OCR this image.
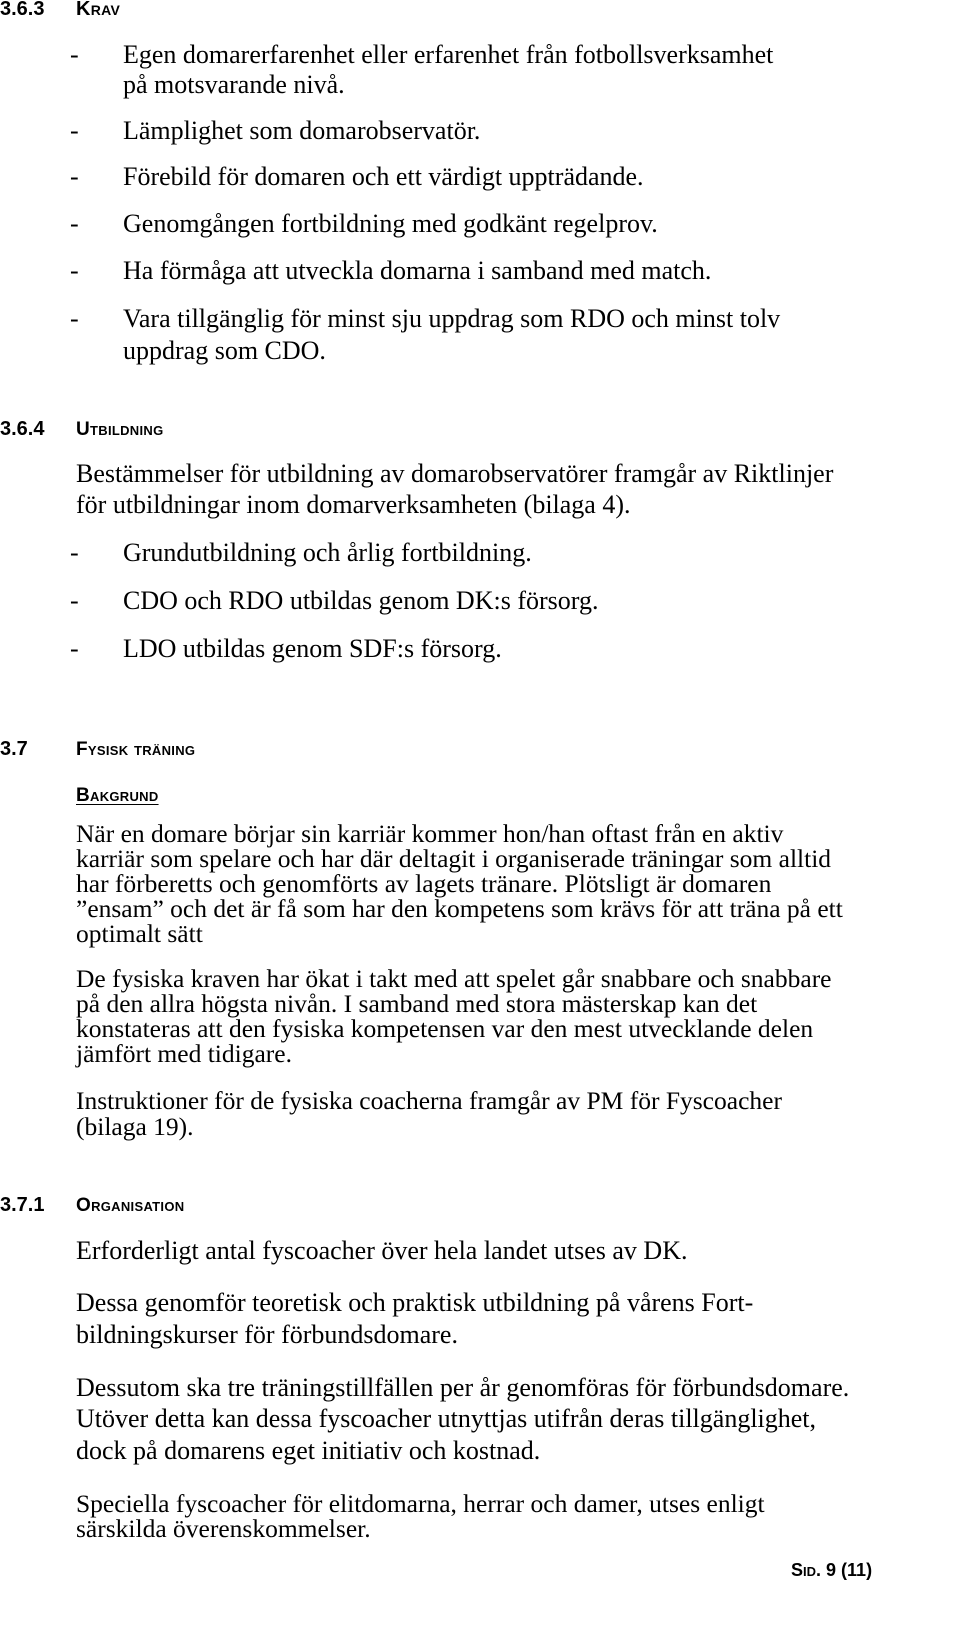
3.6.3 Krav
- Egen domarerfarenhet eller erfarenhet från fotbollsverksamhet
på motsvarande nivå.
- Lämplighet som domarobservatör.
- Förebild för domaren och ett värdigt uppträdande.
- Genomgången fortbildning med godkänt regelprov.
- Ha förmåga att utveckla domarna i samband med match.
- Vara tillgänglig för minst sju uppdrag som RDO och minst tolv
uppdrag som CDO.
3.6.4 Utbildning
Bestämmelser för utbildning av domarobservatörer framgår av Riktlinjer
för utbildningar inom domarverksamheten (bilaga 4).
- Grundutbildning och årlig fortbildning.
- CDO och RDO utbildas genom DK:s försorg.
- LDO utbildas genom SDF:s försorg.
3.7	Fysisk träning
Bakgrund
När en domare börjar sin karriär kommer hon/han oftast från en aktiv
karriär som spelare och har där deltagit i organiserade träningar som alltid
har förberetts och genomförts av lagets tränare. Plötsligt är domaren
”ensam” och det är få som har den kompetens som krävs för att träna på ett
optimalt sätt
De fysiska kraven har ökat i takt med att spelet går snabbare och snabbare
på den allra högsta nivån. I samband med stora mästerskap kan det
konstateras att den fysiska kompetensen var den mest utvecklande delen
jämfört med tidigare.
Instruktioner för de fysiska coacherna framgår av PM för Fyscoacher
(bilaga 19).
3.7.1 Organisation
Erforderligt antal fyscoacher över hela landet utses av DK.
Dessa genomför teoretisk och praktisk utbildning på vårens Fort-
bildningskurser för förbundsdomare.
Dessutom ska tre träningstillfällen per år genomföras för förbundsdomare.
Utöver detta kan dessa fyscoacher utnyttjas utifrån deras tillgänglighet,
dock på domarens eget initiativ och kostnad.
Speciella fyscoacher för elitdomarna, herrar och damer, utses enligt
särskilda överenskommelser.
Sid. 9 (11)
